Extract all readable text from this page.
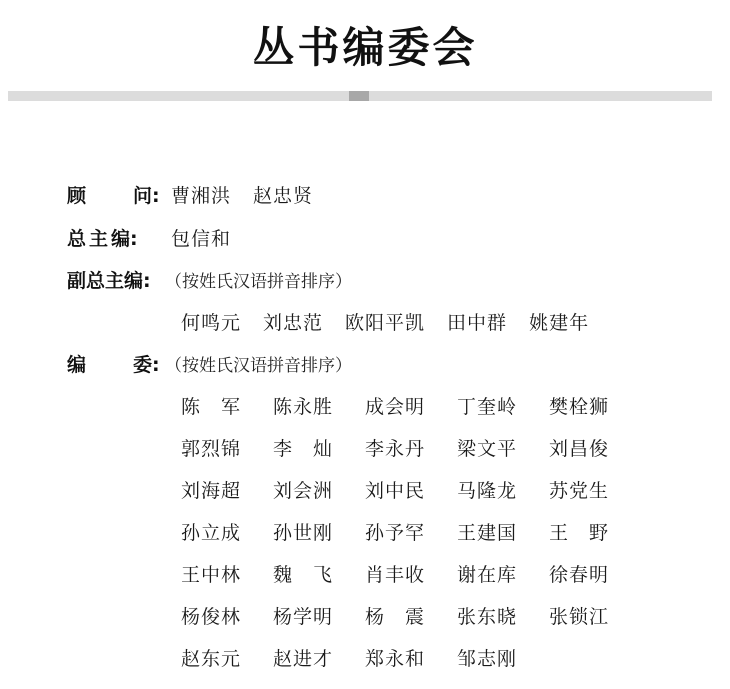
丛书编委会
顾 问: 曹湘洪 赵忠贤
总 主 编: 包信和
副总主编: （按姓氏汉语拼音排序）
何鸣元 刘忠范 欧阳平凯 田中群 姚建年
编 委: （按姓氏汉语拼音排序）
陈　军 陈永胜 成会明 丁奎岭 樊栓狮
郭烈锦 李　灿 李永丹 梁文平 刘昌俊
刘海超 刘会洲 刘中民 马隆龙 苏党生
孙立成 孙世刚 孙予罕 王建国 王　野
王中林 魏　飞 肖丰收 谢在库 徐春明
杨俊林 杨学明 杨　震 张东晓 张锁江
赵东元 赵进才 郑永和 邹志刚
